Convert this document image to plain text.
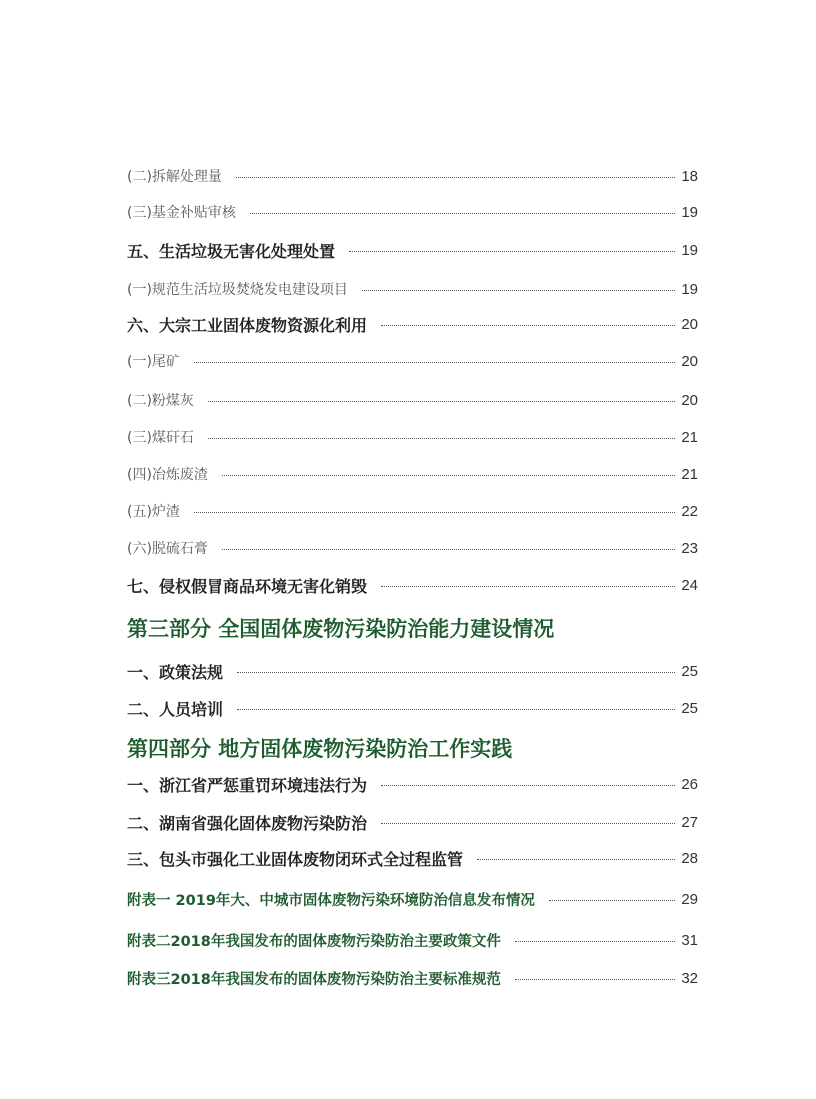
(二)拆解处理量	18
(三)基金补贴审核	19
五、生活垃圾无害化处理处置	19
(一)规范生活垃圾焚烧发电建设项目	19
六、大宗工业固体废物资源化利用	20
(一)尾矿	20
(二)粉煤灰	20
(三)煤矸石	21
(四)冶炼废渣	21
(五)炉渣	22
(六)脱硫石膏	23
七、侵权假冒商品环境无害化销毁	24
第三部分 全国固体废物污染防治能力建设情况
一、政策法规	25
二、人员培训	25
第四部分 地方固体废物污染防治工作实践
一、浙江省严惩重罚环境违法行为	26
二、湖南省强化固体废物污染防治	27
三、包头市强化工业固体废物闭环式全过程监管	28
附表一 2019年大、中城市固体废物污染环境防治信息发布情况	29
附表二2018年我国发布的固体废物污染防治主要政策文件	31
附表三2018年我国发布的固体废物污染防治主要标准规范	32
